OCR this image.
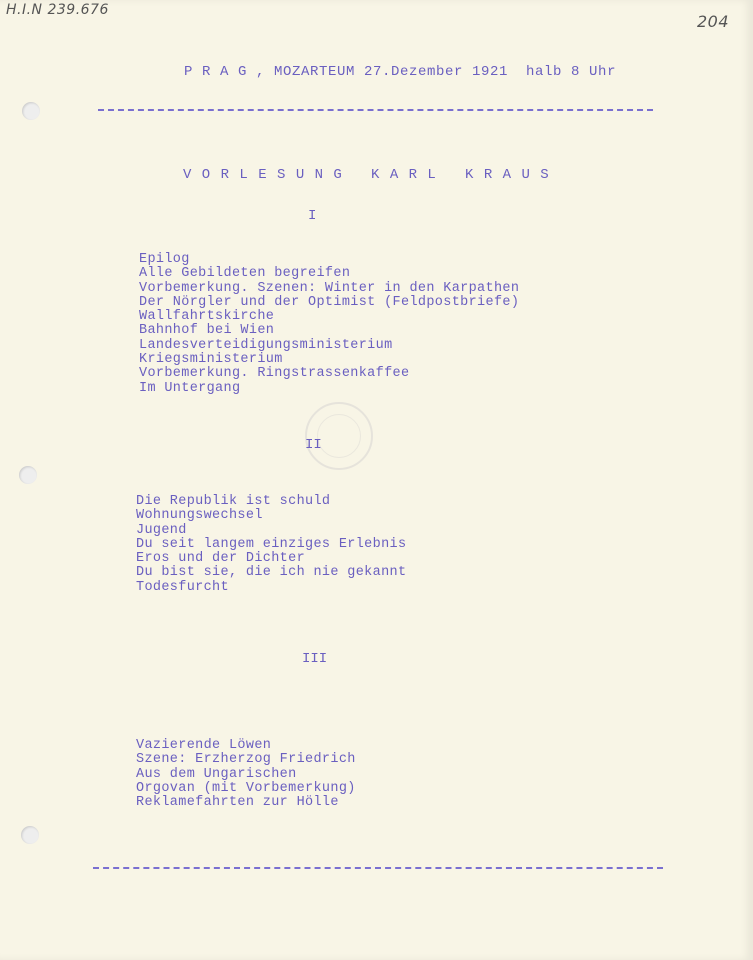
H.I.N 239.676
204
P R A G , MOZARTEUM 27.Dezember 1921  halb 8 Uhr
V O R L E S U N G   K A R L   K R A U S
I
Epilog
Alle Gebildeten begreifen
Vorbemerkung. Szenen: Winter in den Karpathen
Der Nörgler und der Optimist (Feldpostbriefe)
Wallfahrtskirche
Bahnhof bei Wien
Landesverteidigungsministerium
Kriegsministerium
Vorbemerkung. Ringstrassenkaffee
Im Untergang
II
Die Republik ist schuld
Wohnungswechsel
Jugend
Du seit langem einziges Erlebnis
Eros und der Dichter
Du bist sie, die ich nie gekannt
Todesfurcht
III
Vazierende Löwen
Szene: Erzherzog Friedrich
Aus dem Ungarischen
Orgovan (mit Vorbemerkung)
Reklamefahrten zur Hölle
